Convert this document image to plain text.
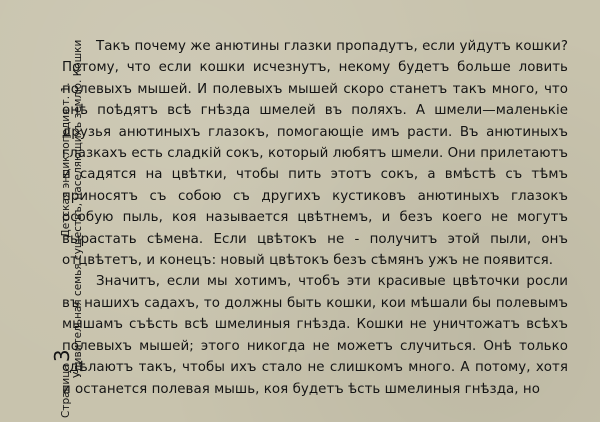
Страница3Детская энциклопедия т. 1. Удивительная семья существъ, населяющихъ землю. Кошки Такъ почему же анютины глазки пропадутъ, если уйдутъ кошки? Потому, что если кошки исчезнутъ, некому будетъ больше ловить полевыхъ мышей. И полевыхъ мышей скоро станетъ такъ много, что онѣ поѣдятъ всѣ гнѣзда шмелей въ поляхъ. А шмели—маленькіе друзья анютиныхъ глазокъ, помогающіе имъ расти. Въ анютиныхъ глазкахъ есть сладкій сокъ, который любятъ шмели. Они прилетаютъ и садятся на цвѣтки, чтобы пить этотъ сокъ, а вмѣстѣ съ тѣмъ приносятъ съ собою съ другихъ кустиковъ анютиныхъ глазокъ особую пыль, коя называется цвѣтнемъ, и безъ коего не могутъ вырастать сѣмена. Если цвѣтокъ не - получитъ этой пыли, онъ отцвѣтетъ, и конецъ: новый цвѣтокъ безъ сѣмянъ ужъ не появится.

Значитъ, если мы хотимъ, чтобъ эти красивые цвѣточки росли въ нашихъ садахъ, то должны быть кошки, кои мѣшали бы полевымъ мышамъ съѣсть всѣ шмелиныя гнѣзда. Кошки не уничтожатъ всѣхъ полевыхъ мышей; этого никогда не можетъ случиться. Онѣ только сдѣлаютъ такъ, чтобы ихъ стало не слишкомъ много. А потому, хотя и останется полевая мышь, коя будетъ ѣсть шмелиныя гнѣзда, но
